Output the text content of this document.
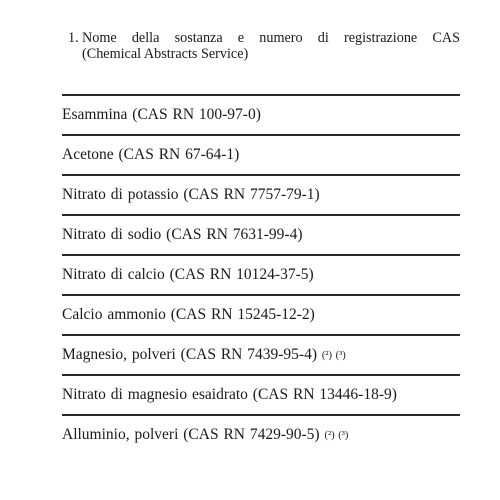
1. Nome della sostanza e numero di registrazione CAS
(Chemical Abstracts Service)
Esammina (CAS RN 100-97-0)
Acetone (CAS RN 67-64-1)
Nitrato di potassio (CAS RN 7757-79-1)
Nitrato di sodio (CAS RN 7631-99-4)
Nitrato di calcio (CAS RN 10124-37-5)
Calcio ammonio (CAS RN 15245-12-2)
Magnesio, polveri (CAS RN 7439-95-4) (²) (³)
Nitrato di magnesio esaidrato (CAS RN 13446-18-9)
Alluminio, polveri (CAS RN 7429-90-5) (²) (³)
